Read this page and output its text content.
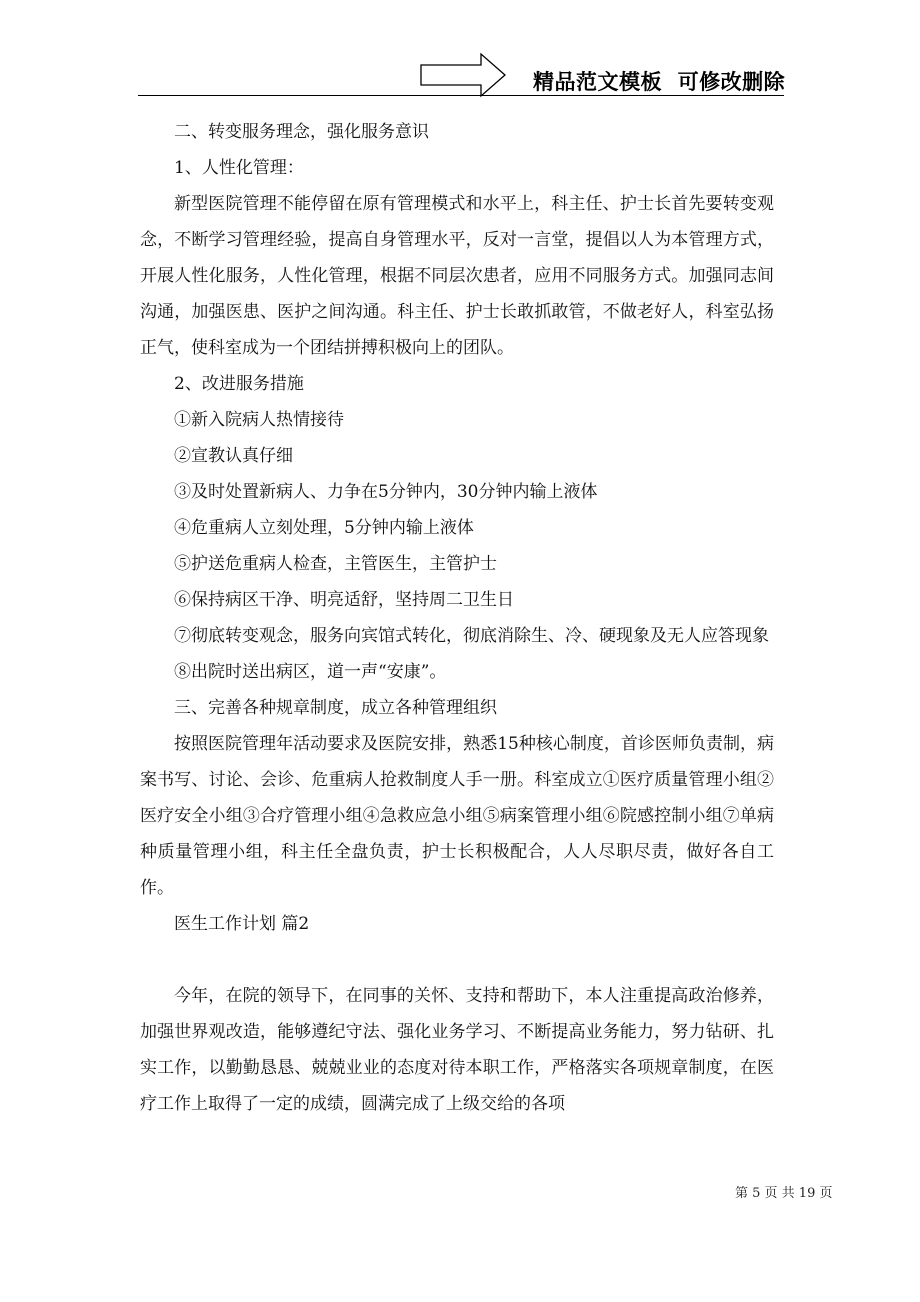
精品范文模板  可修改删除

二、转变服务理念，强化服务意识

1、人性化管理：

新型医院管理不能停留在原有管理模式和水平上，科主任、护士长首先要转变观念，不断学习管理经验，提高自身管理水平，反对一言堂，提倡以人为本管理方式，开展人性化服务，人性化管理，根据不同层次患者，应用不同服务方式。加强同志间沟通，加强医患、医护之间沟通。科主任、护士长敢抓敢管，不做老好人，科室弘扬正气，使科室成为一个团结拼搏积极向上的团队。

2、改进服务措施

①新入院病人热情接待

②宣教认真仔细

③及时处置新病人、力争在5分钟内，30分钟内输上液体

④危重病人立刻处理，5分钟内输上液体

⑤护送危重病人检查，主管医生，主管护士

⑥保持病区干净、明亮适舒，坚持周二卫生日

⑦彻底转变观念，服务向宾馆式转化，彻底消除生、冷、硬现象及无人应答现象

⑧出院时送出病区，道一声“安康”。

三、完善各种规章制度，成立各种管理组织

按照医院管理年活动要求及医院安排，熟悉15种核心制度，首诊医师负责制，病案书写、讨论、会诊、危重病人抢救制度人手一册。科室成立①医疗质量管理小组②医疗安全小组③合疗管理小组④急救应急小组⑤病案管理小组⑥院感控制小组⑦单病种质量管理小组，科主任全盘负责，护士长积极配合，人人尽职尽责，做好各自工作。

医生工作计划 篇2

今年，在院的领导下，在同事的关怀、支持和帮助下，本人注重提高政治修养，加强世界观改造，能够遵纪守法、强化业务学习、不断提高业务能力，努力钻研、扎实工作，以勤勤恳恳、兢兢业业的态度对待本职工作，严格落实各项规章制度，在医疗工作上取得了一定的成绩，圆满完成了上级交给的各项

第 5 页 共 19 页
